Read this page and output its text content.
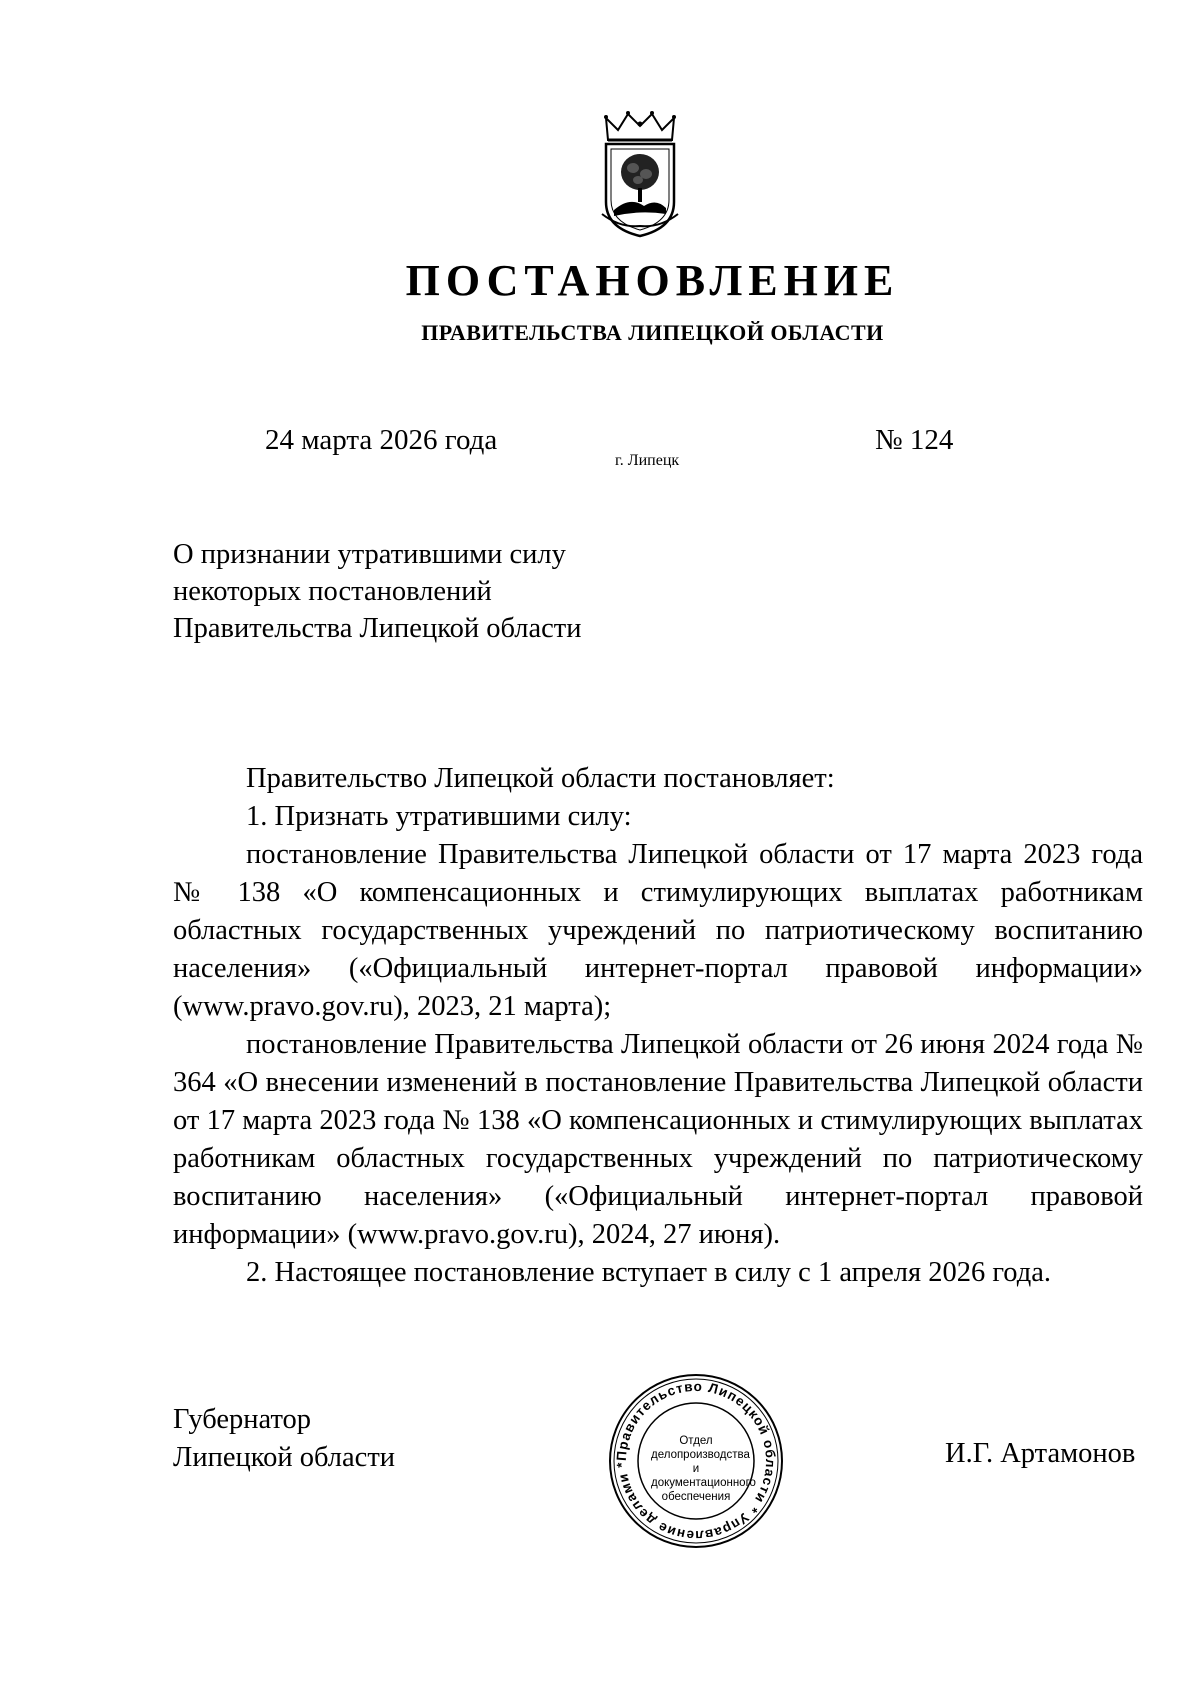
ПОСТАНОВЛЕНИЕ
ПРАВИТЕЛЬСТВА ЛИПЕЦКОЙ ОБЛАСТИ
24 марта 2026 года
г. Липецк
№ 124
О признании утратившими силу
некоторых постановлений
Правительства Липецкой области

Правительство Липецкой области постановляет:

1. Признать утратившими силу:

постановление Правительства Липецкой области от 17 марта 2023 года № 138 «О компенсационных и стимулирующих выплатах работникам областных государственных учреждений по патриотическому воспитанию населения» («Официальный интернет-портал правовой информации» (www.pravo.gov.ru), 2023, 21 марта);

постановление Правительства Липецкой области от 26 июня 2024 года № 364 «О внесении изменений в постановление Правительства Липецкой области от 17 марта 2023 года № 138 «О компенсационных и стимулирующих выплатах работникам областных государственных учреждений по патриотическому воспитанию населения» («Официальный интернет-портал правовой информации» (www.pravo.gov.ru), 2024, 27 июня).

2. Настоящее постановление вступает в силу с 1 апреля 2026 года.

Губернатор
Липецкой области	Правительство Липецкой области * Управление делами *
Отдел
делопроизводства и
документационного
обеспечения
И.Г. Артамонов
